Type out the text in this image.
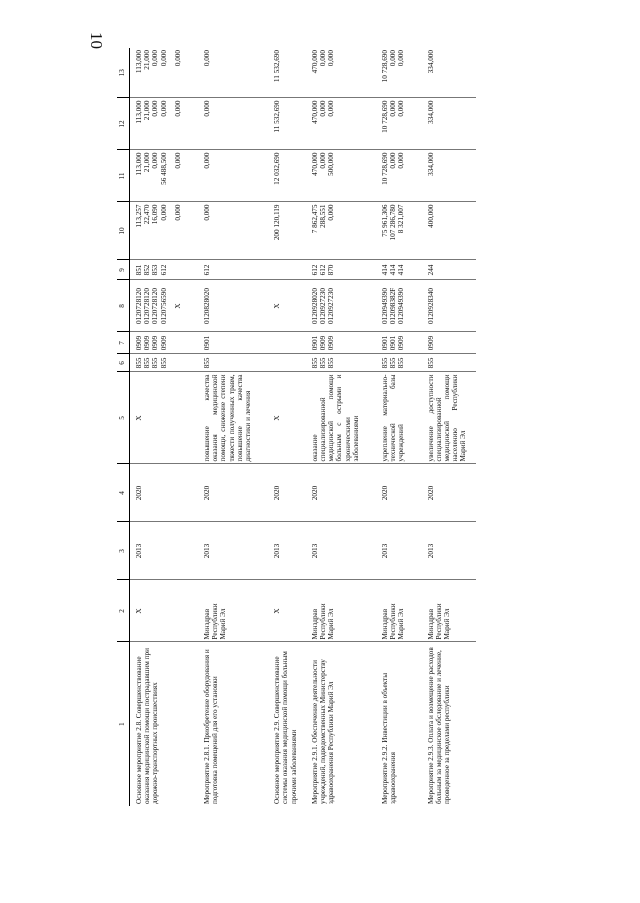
10
1	2	3	4	5	6	7	8	9	10	11	12	13
Основное мероприятие 2.8. Совершенствование оказания медицинской помощи пострадавшим при дорожно-транспортных происшествиях	X	2013	2020	X	855 855 855 855	0909 0909 0909 0909	0120728120 0120728120 0120728120 0120756590 X	851 852 853 612	113,257 22,470 16,090 0,000 0,000	113,000 21,000 0,000 56 488,500 0,000	113,000 21,000 0,000 0,000 0,000	113,000 21,000 0,000 0,000 0,000

Мероприятие 2.8.1. Приобретение оборудования и подготовка помещений для его установки	Минздрав Республики Марий Эл	2013	2020	повышение качества оказания медицинской помощи, снижение степени тяжести полученных травм, повышение качества диагностики и лечения	855	0901	0120828020	612	0,000	0,000	0,000	0,000

Основное мероприятие 2.9. Совершенствование системы оказания медицинской помощи больным прочими заболеваниями	X	2013	2020	X			X		200 120,119	12 032,690	11 532,690	11 532,690

Мероприятие 2.9.1. Обеспечение деятельности учреждений, подведомственных Министерству здравоохранения Республики Марий Эл	Минздрав Республики Марий Эл	2013	2020	оказание специализированной медицинской помощи больным с острыми и хроническими заболеваниями	855 855 855	0901 0909 0909	0120928020 0120927230 0120927230	612 612 870	7 862,475 288,551 0,000	470,000 0,000 500,000	470,000 0,000 0,000	470,000 0,000 0,000

Мероприятие 2.9.2. Инвестиции в объекты здравоохранения	Минздрав Республики Марий Эл	2013	2020	укрепление материально-технической базы учреждений	855 855 855	0901 0901 0909	0120949390 012098382F 0120949390	414 414 414	75 961,306 107 286,780 8 321,007	10 728,690 0,000 0,000	10 728,690 0,000 0,000	10 728,690 0,000 0,000

Мероприятие 2.9.3. Оплата и возмещение расходов больным за медицинское обследование и лечение, проведенное за пределами республики	Минздрав Республики Марий Эл	2013	2020	увеличение доступности специализированной медицинской помощи населению Республики Марий Эл	855	0909	0120928340	244	400,000	334,000	334,000	334,000
